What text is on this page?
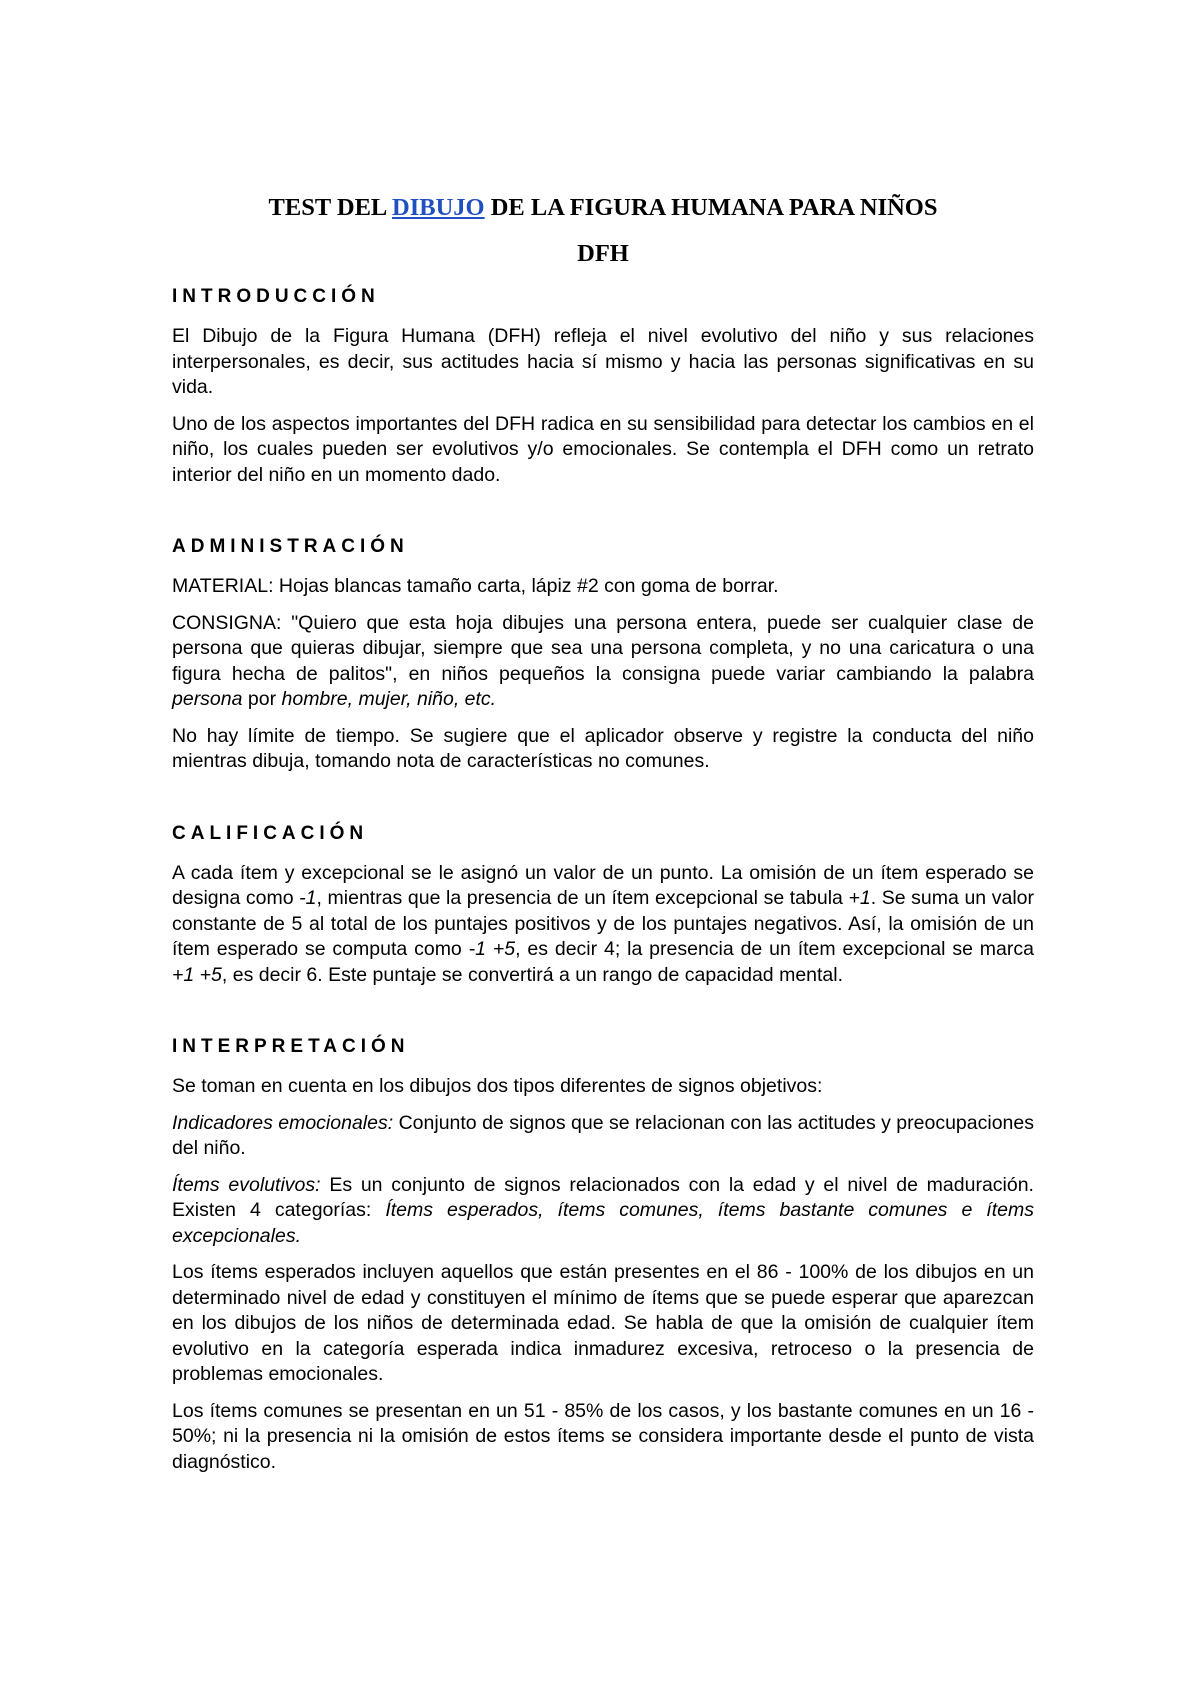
TEST DEL DIBUJO DE LA FIGURA HUMANA PARA NIÑOS
DFH
INTRODUCCIÓN

El Dibujo de la Figura Humana (DFH) refleja el nivel evolutivo del niño y sus relaciones interpersonales, es decir, sus actitudes hacia sí mismo y hacia las personas significativas en su vida.

Uno de los aspectos importantes del DFH radica en su sensibilidad para detectar los cambios en el niño, los cuales pueden ser evolutivos y/o emocionales. Se contempla el DFH como un retrato interior del niño en un momento dado.

ADMINISTRACIÓN

MATERIAL: Hojas blancas tamaño carta, lápiz #2 con goma de borrar.

CONSIGNA: "Quiero que esta hoja dibujes una persona entera, puede ser cualquier clase de persona que quieras dibujar, siempre que sea una persona completa, y no una caricatura o una figura hecha de palitos", en niños pequeños la consigna puede variar cambiando la palabra persona por hombre, mujer, niño, etc.

No hay límite de tiempo. Se sugiere que el aplicador observe y registre la conducta del niño mientras dibuja, tomando nota de características no comunes.

CALIFICACIÓN

A cada ítem y excepcional se le asignó un valor de un punto. La omisión de un ítem esperado se designa como -1, mientras que la presencia de un ítem excepcional se tabula +1. Se suma un valor constante de 5 al total de los puntajes positivos y de los puntajes negativos. Así, la omisión de un ítem esperado se computa como -1 +5, es decir 4; la presencia de un ítem excepcional se marca +1 +5, es decir 6. Este puntaje se convertirá a un rango de capacidad mental.

INTERPRETACIÓN

Se toman en cuenta en los dibujos dos tipos diferentes de signos objetivos:

Indicadores emocionales: Conjunto de signos que se relacionan con las actitudes y preocupaciones del niño.

Ítems evolutivos: Es un conjunto de signos relacionados con la edad y el nivel de maduración. Existen 4 categorías: Ítems esperados, ítems comunes, ítems bastante comunes e ítems excepcionales.

Los ítems esperados incluyen aquellos que están presentes en el 86 - 100% de los dibujos en un determinado nivel de edad y constituyen el mínimo de ítems que se puede esperar que aparezcan en los dibujos de los niños de determinada edad. Se habla de que la omisión de cualquier ítem evolutivo en la categoría esperada indica inmadurez excesiva, retroceso o la presencia de problemas emocionales.

Los ítems comunes se presentan en un 51 - 85% de los casos, y los bastante comunes en un 16 - 50%; ni la presencia ni la omisión de estos ítems se considera importante desde el punto de vista diagnóstico.
